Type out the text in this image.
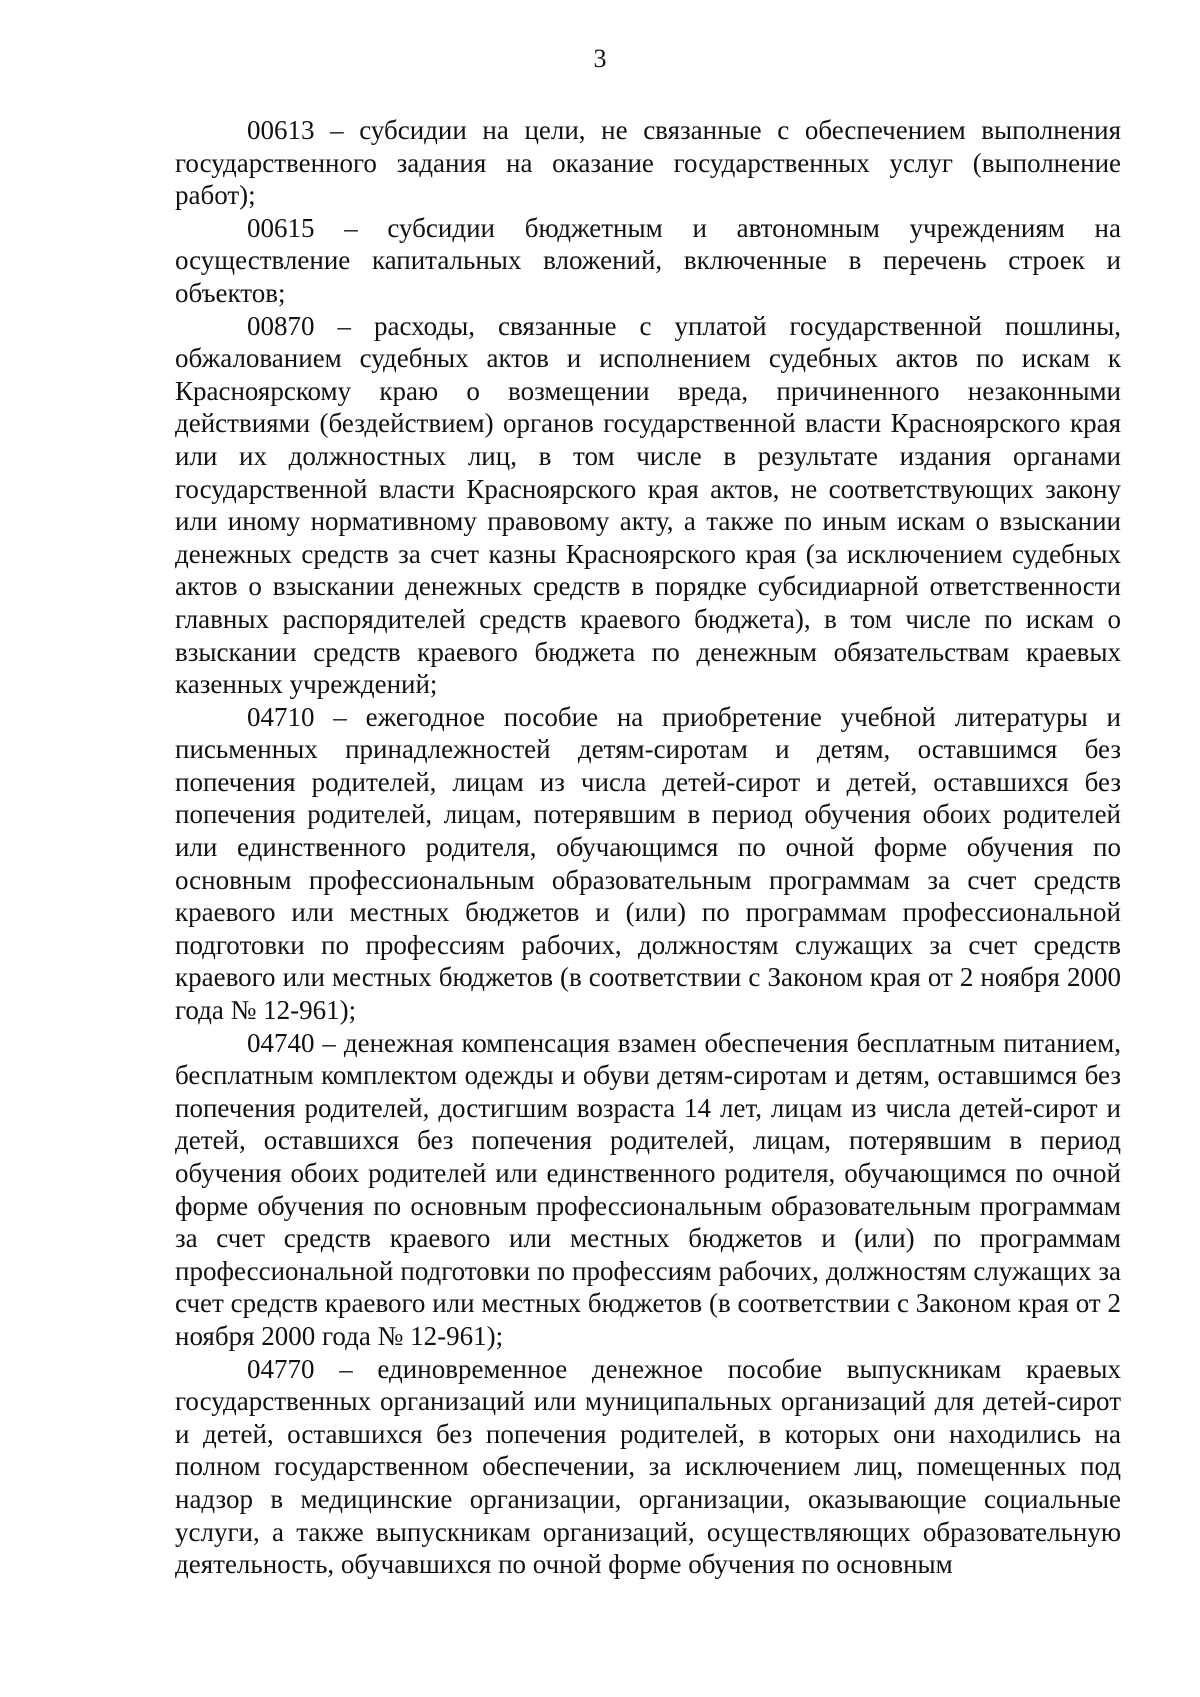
3

00613 – субсидии на цели, не связанные с обеспечением выполнения государственного задания на оказание государственных услуг (выполнение работ);

00615 – субсидии бюджетным и автономным учреждениям на осуществление капитальных вложений, включенные в перечень строек и объектов;

00870 – расходы, связанные с уплатой государственной пошлины, обжалованием судебных актов и исполнением судебных актов по искам к Красноярскому краю о возмещении вреда, причиненного незаконными действиями (бездействием) органов государственной власти Красноярского края или их должностных лиц, в том числе в результате издания органами государственной власти Красноярского края актов, не соответствующих закону или иному нормативному правовому акту, а также по иным искам о взыскании денежных средств за счет казны Красноярского края (за исключением судебных актов о взыскании денежных средств в порядке субсидиарной ответственности главных распорядителей средств краевого бюджета), в том числе по искам о взыскании средств краевого бюджета по денежным обязательствам краевых казенных учреждений;

04710 – ежегодное пособие на приобретение учебной литературы и письменных принадлежностей детям-сиротам и детям, оставшимся без попечения родителей, лицам из числа детей-сирот и детей, оставшихся без попечения родителей, лицам, потерявшим в период обучения обоих родителей или единственного родителя, обучающимся по очной форме обучения по основным профессиональным образовательным программам за счет средств краевого или местных бюджетов и (или) по программам профессиональной подготовки по профессиям рабочих, должностям служащих за счет средств краевого или местных бюджетов (в соответствии с Законом края от 2 ноября 2000 года № 12-961);

04740 – денежная компенсация взамен обеспечения бесплатным питанием, бесплатным комплектом одежды и обуви детям-сиротам и детям, оставшимся без попечения родителей, достигшим возраста 14 лет, лицам из числа детей-сирот и детей, оставшихся без попечения родителей, лицам, потерявшим в период обучения обоих родителей или единственного родителя, обучающимся по очной форме обучения по основным профессиональным образовательным программам за счет средств краевого или местных бюджетов и (или) по программам профессиональной подготовки по профессиям рабочих, должностям служащих за счет средств краевого или местных бюджетов (в соответствии с Законом края от 2 ноября 2000 года № 12-961);

04770 – единовременное денежное пособие выпускникам краевых государственных организаций или муниципальных организаций для детей-сирот и детей, оставшихся без попечения родителей, в которых они находились на полном государственном обеспечении, за исключением лиц, помещенных под надзор в медицинские организации, организации, оказывающие социальные услуги, а также выпускникам организаций, осуществляющих образовательную деятельность, обучавшихся по очной форме обучения по основным
